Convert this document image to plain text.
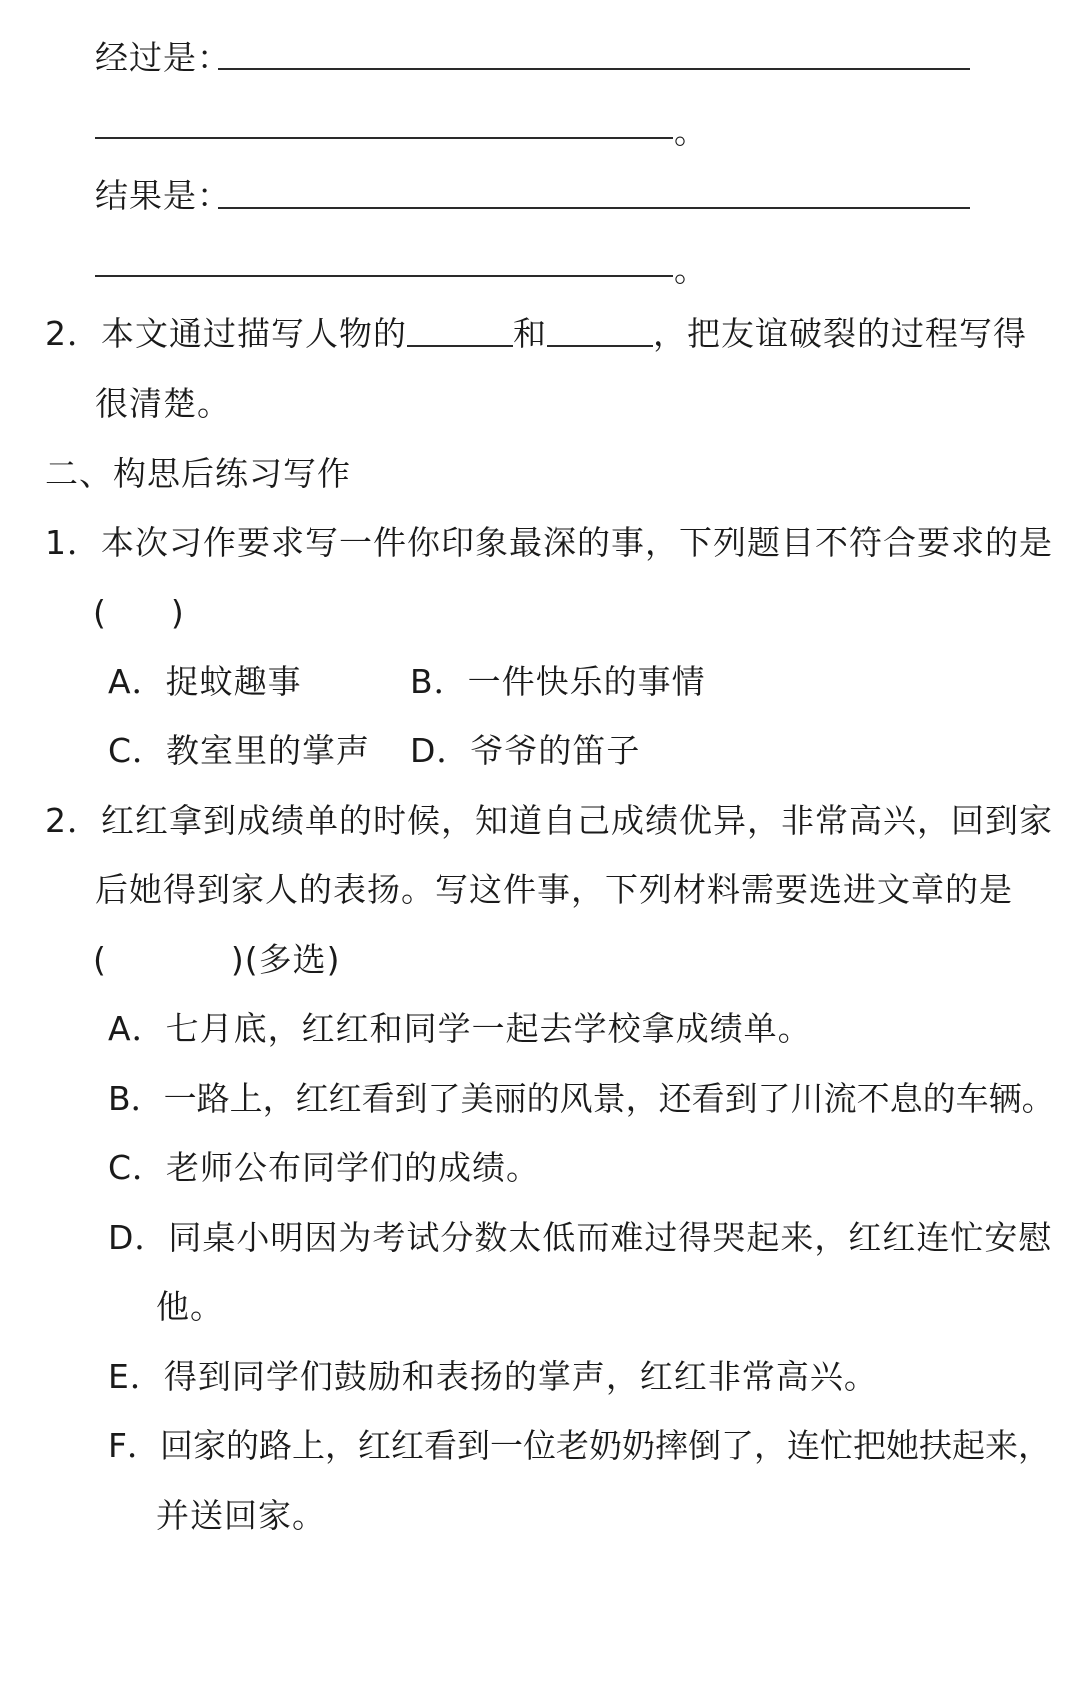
经过是：
。
结果是：
。
2．本文通过描写人物的	和	，把友谊破裂的过程写得
很清楚。
二、构思后练习写作
1．本次习作要求写一件你印象最深的事，下列题目不符合要求的是
( )
A．捉蚊趣事	B．一件快乐的事情
C．教室里的掌声 D．爷爷的笛子
2．红红拿到成绩单的时候，知道自己成绩优异，非常高兴，回到家
后她得到家人的表扬。写这件事，下列材料需要选进文章的是
(	)(多选)
A．七月底，红红和同学一起去学校拿成绩单。
B．一路上，红红看到了美丽的风景，还看到了川流不息的车辆。
C．老师公布同学们的成绩。
D．同桌小明因为考试分数太低而难过得哭起来，红红连忙安慰
他。
E．得到同学们鼓励和表扬的掌声，红红非常高兴。
F．回家的路上，红红看到一位老奶奶摔倒了，连忙把她扶起来，
并送回家。
